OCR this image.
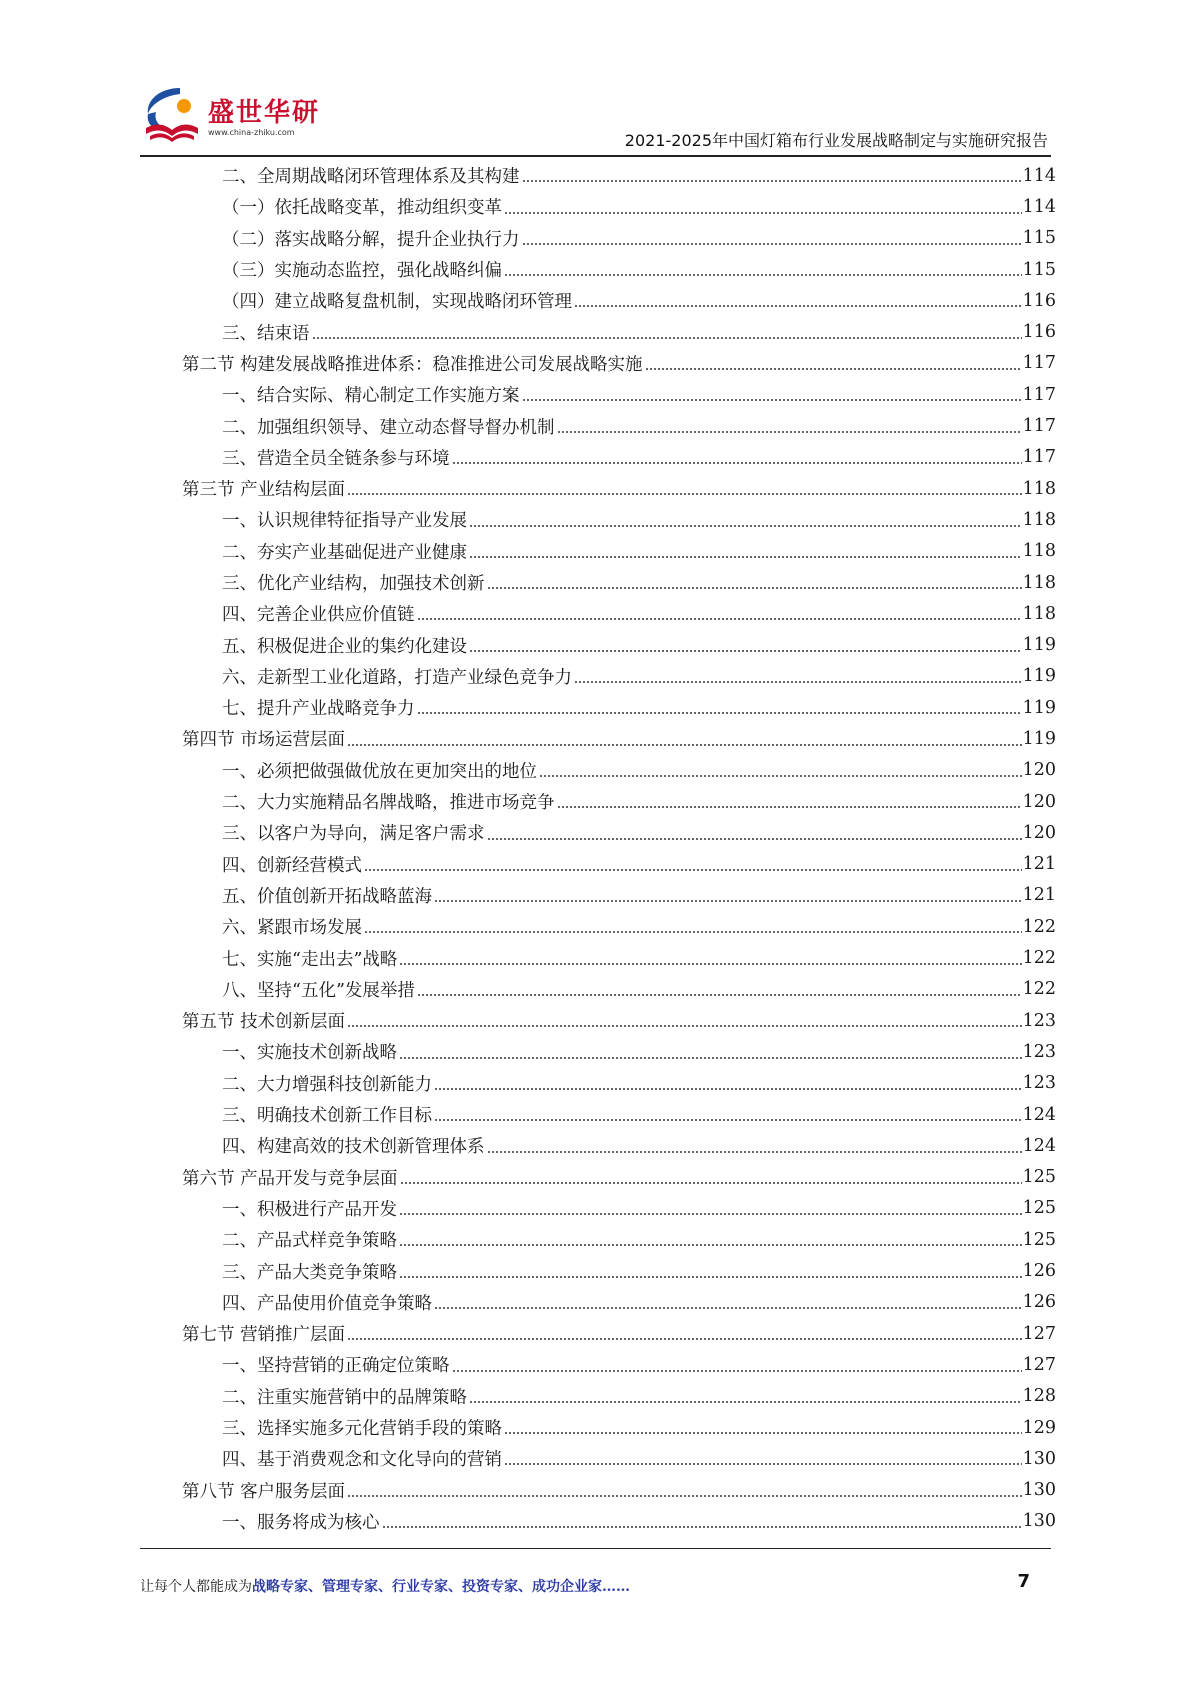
盛世华研
www.china-zhiku.com	2021-2025年中国灯箱布行业发展战略制定与实施研究报告
二、全周期战略闭环管理体系及其构建	114
（一）依托战略变革，推动组织变革	114
（二）落实战略分解，提升企业执行力	115
（三）实施动态监控，强化战略纠偏	115
（四）建立战略复盘机制，实现战略闭环管理	116
三、结束语	116
第二节 构建发展战略推进体系：稳准推进公司发展战略实施	117
一、结合实际、精心制定工作实施方案	117
二、加强组织领导、建立动态督导督办机制	117
三、营造全员全链条参与环境	117
第三节 产业结构层面	118
一、认识规律特征指导产业发展	118
二、夯实产业基础促进产业健康	118
三、优化产业结构，加强技术创新	118
四、完善企业供应价值链	118
五、积极促进企业的集约化建设	119
六、走新型工业化道路，打造产业绿色竞争力	119
七、提升产业战略竞争力	119
第四节 市场运营层面	119
一、必须把做强做优放在更加突出的地位	120
二、大力实施精品名牌战略，推进市场竞争	120
三、以客户为导向，满足客户需求	120
四、创新经营模式	121
五、价值创新开拓战略蓝海	121
六、紧跟市场发展	122
七、实施“走出去”战略	122
八、坚持“五化”发展举措	122
第五节 技术创新层面	123
一、实施技术创新战略	123
二、大力增强科技创新能力	123
三、明确技术创新工作目标	124
四、构建高效的技术创新管理体系	124
第六节 产品开发与竞争层面	125
一、积极进行产品开发	125
二、产品式样竞争策略	125
三、产品大类竞争策略	126
四、产品使用价值竞争策略	126
第七节 营销推广层面	127
一、坚持营销的正确定位策略	127
二、注重实施营销中的品牌策略	128
三、选择实施多元化营销手段的策略	129
四、基于消费观念和文化导向的营销	130
第八节 客户服务层面	130
一、服务将成为核心	130
让每个人都能成为战略专家、管理专家、行业专家、投资专家、成功企业家……	7
